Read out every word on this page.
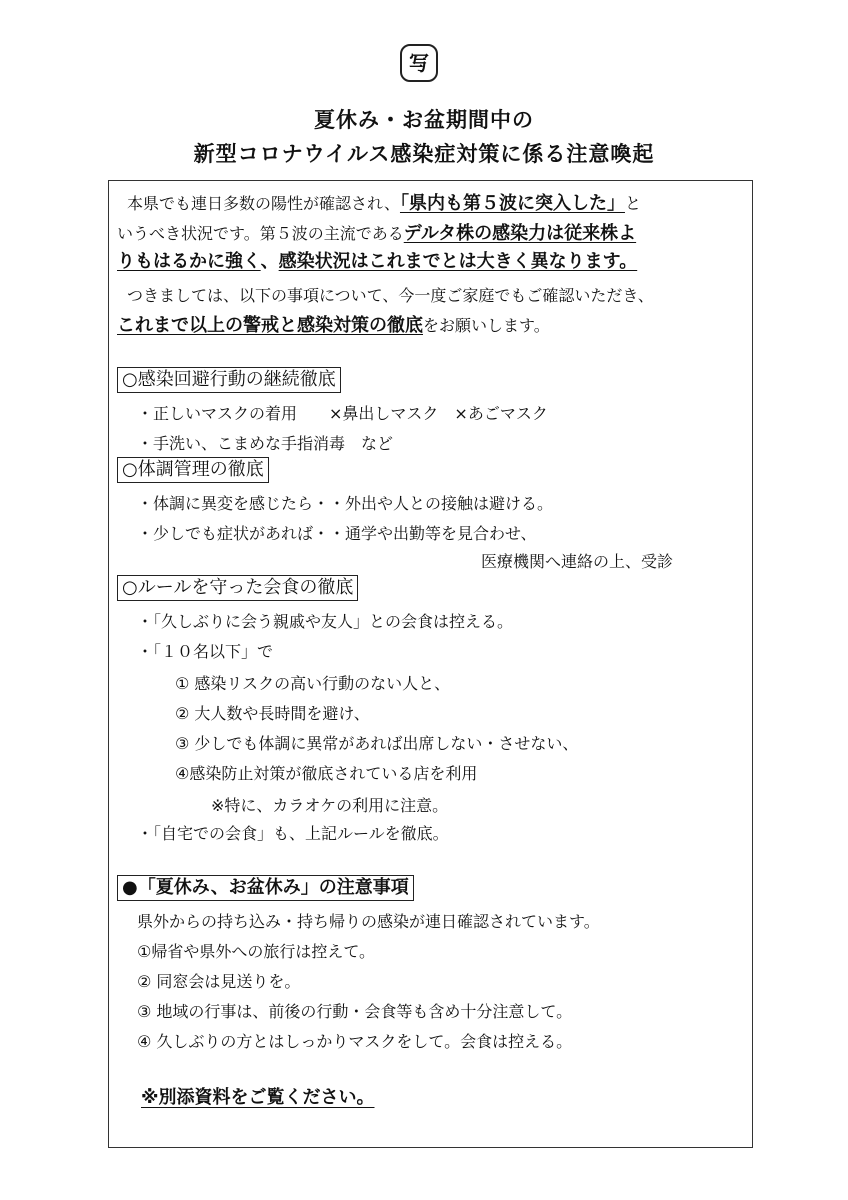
写
夏休み・お盆期間中の
新型コロナウイルス感染症対策に係る注意喚起
本県でも連日多数の陽性が確認され、「県内も第５波に突入した」と
いうべき状況です。第５波の主流であるデルタ株の感染力は従来株よ
りもはるかに強く、感染状況はこれまでとは大きく異なります。
つきましては、以下の事項について、今一度ご家庭でもご確認いただき、
これまで以上の警戒と感染対策の徹底をお願いします。
○感染回避行動の継続徹底
・正しいマスクの着用　　×鼻出しマスク　×あごマスク
・手洗い、こまめな手指消毒　など
○体調管理の徹底
・体調に異変を感じたら・・外出や人との接触は避ける。
・少しでも症状があれば・・通学や出勤等を見合わせ、
医療機関へ連絡の上、受診
○ルールを守った会食の徹底
・「久しぶりに会う親戚や友人」との会食は控える。
・「１０名以下」で
① 感染リスクの高い行動のない人と、
② 大人数や長時間を避け、
③ 少しでも体調に異常があれば出席しない・させない、
④感染防止対策が徹底されている店を利用
※特に、カラオケの利用に注意。
・「自宅での会食」も、上記ルールを徹底。
●「夏休み、お盆休み」の注意事項
県外からの持ち込み・持ち帰りの感染が連日確認されています。
①帰省や県外への旅行は控えて。
② 同窓会は見送りを。
③ 地域の行事は、前後の行動・会食等も含め十分注意して。
④ 久しぶりの方とはしっかりマスクをして。会食は控える。
※別添資料をご覧ください。
